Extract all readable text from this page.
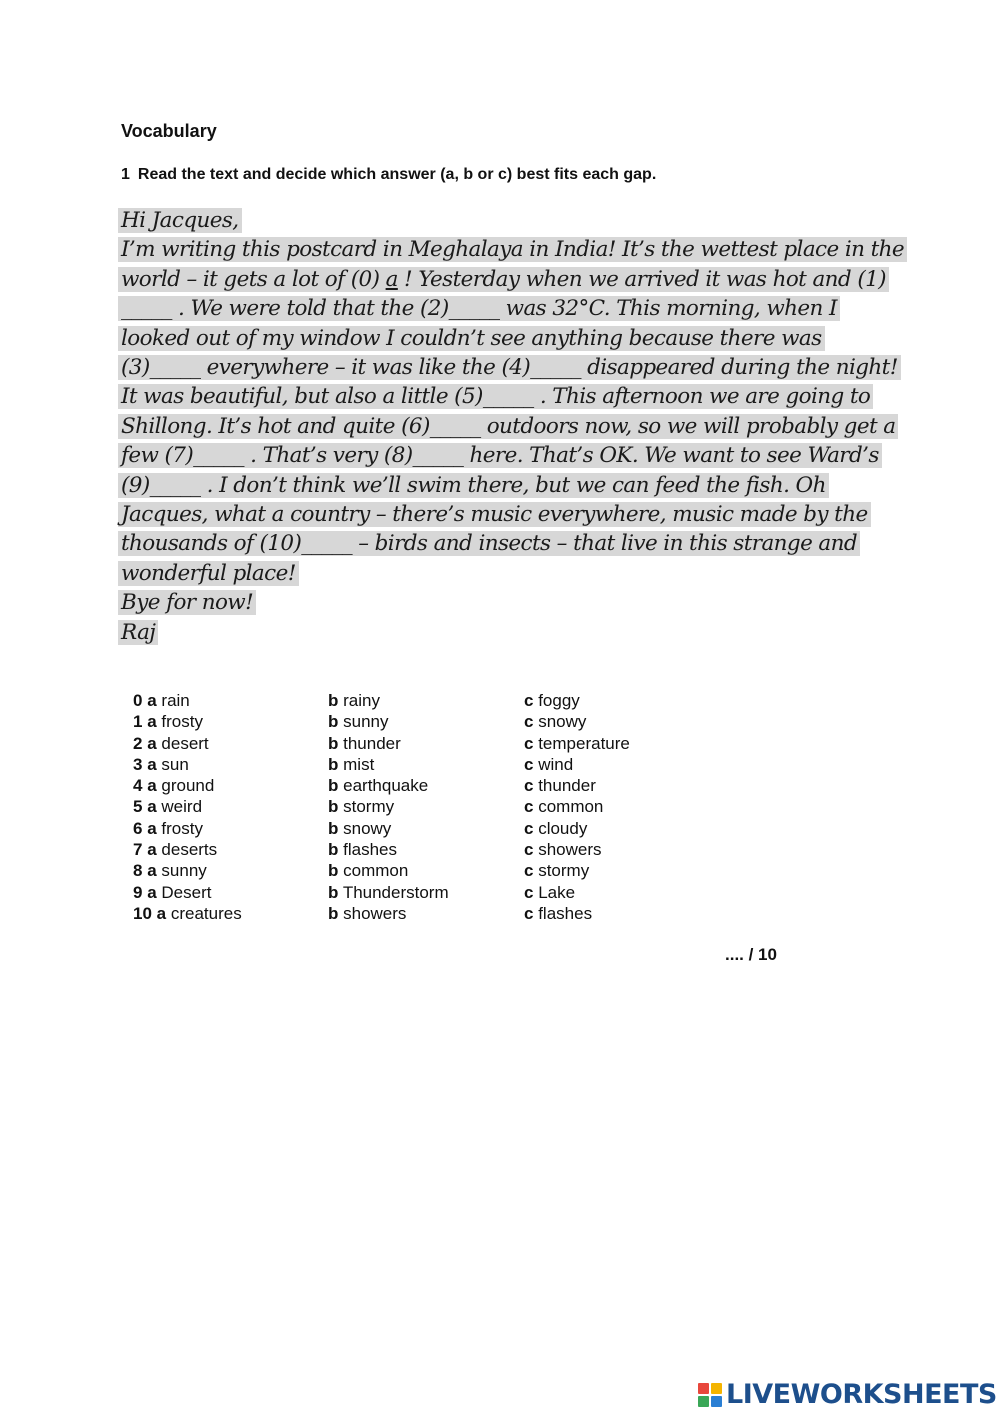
Vocabulary
1 Read the text and decide which answer (a, b or c) best fits each gap.
Hi Jacques,
I’m writing this postcard in Meghalaya in India! It’s the wettest place in the
world – it gets a lot of (0) a ! Yesterday when we arrived it was hot and (1)
_____ . We were told that the (2)_____ was 32°C. This morning, when I
looked out of my window I couldn’t see anything because there was
(3)_____ everywhere – it was like the (4)_____ disappeared during the night!
It was beautiful, but also a little (5)_____ . This afternoon we are going to
Shillong. It’s hot and quite (6)_____ outdoors now, so we will probably get a
few (7)_____ . That’s very (8)_____ here. That’s OK. We want to see Ward’s
(9)_____ . I don’t think we’ll swim there, but we can feed the fish. Oh
Jacques, what a country – there’s music everywhere, music made by the
thousands of (10)_____ – birds and insects – that live in this strange and
wonderful place!
Bye for now!
Raj
0 a rain	b rainy	c foggy
1 a frosty	b sunny	c snowy
2 a desert	b thunder	c temperature
3 a sun	b mist	c wind
4 a ground	b earthquake	c thunder
5 a weird	b stormy	c common
6 a frosty	b snowy	c cloudy
7 a deserts	b flashes	c showers
8 a sunny	b common	c stormy
9 a Desert	b Thunderstorm	c Lake
10 a creatures	b showers	c flashes
.... / 10
LIVEWORKSHEETS
